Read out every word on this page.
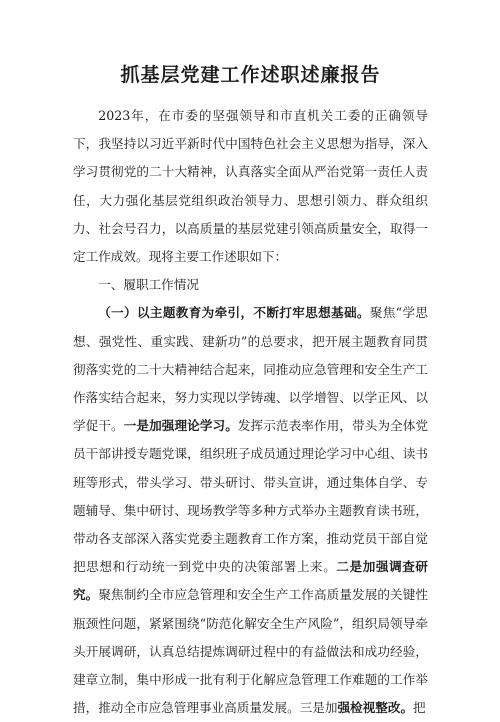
抓基层党建工作述职述廉报告

2023年，在市委的坚强领导和市直机关工委的正确领导下，我坚持以习近平新时代中国特色社会主义思想为指导，深入学习贯彻党的二十大精神，认真落实全面从严治党第一责任人责任，大力强化基层党组织政治领导力、思想引领力、群众组织力、社会号召力，以高质量的基层党建引领高质量安全，取得一定工作成效。现将主要工作述职如下：

一、履职工作情况

（一）以主题教育为牵引，不断打牢思想基础。聚焦“学思想、强党性、重实践、建新功”的总要求，把开展主题教育同贯彻落实党的二十大精神结合起来，同推动应急管理和安全生产工作落实结合起来，努力实现以学铸魂、以学增智、以学正风、以学促干。一是加强理论学习。发挥示范表率作用，带头为全体党员干部讲授专题党课，组织班子成员通过理论学习中心组、读书班等形式，带头学习、带头研讨、带头宣讲，通过集体自学、专题辅导、集中研讨、现场教学等多种方式举办主题教育读书班，带动各支部深入落实党委主题教育工作方案，推动党员干部自觉把思想和行动统一到党中央的决策部署上来。二是加强调查研究。聚焦制约全市应急管理和安全生产工作高质量发展的关键性瓶颈性问题，紧紧围绕“防范化解安全生产风险”，组织局领导牵头开展调研，认真总结提炼调研过程中的有益做法和成功经验，建章立制，集中形成一批有利于化解应急管理工作难题的工作举措，推动全市应急管理事业高质量发展。三是加强检视整改。把
